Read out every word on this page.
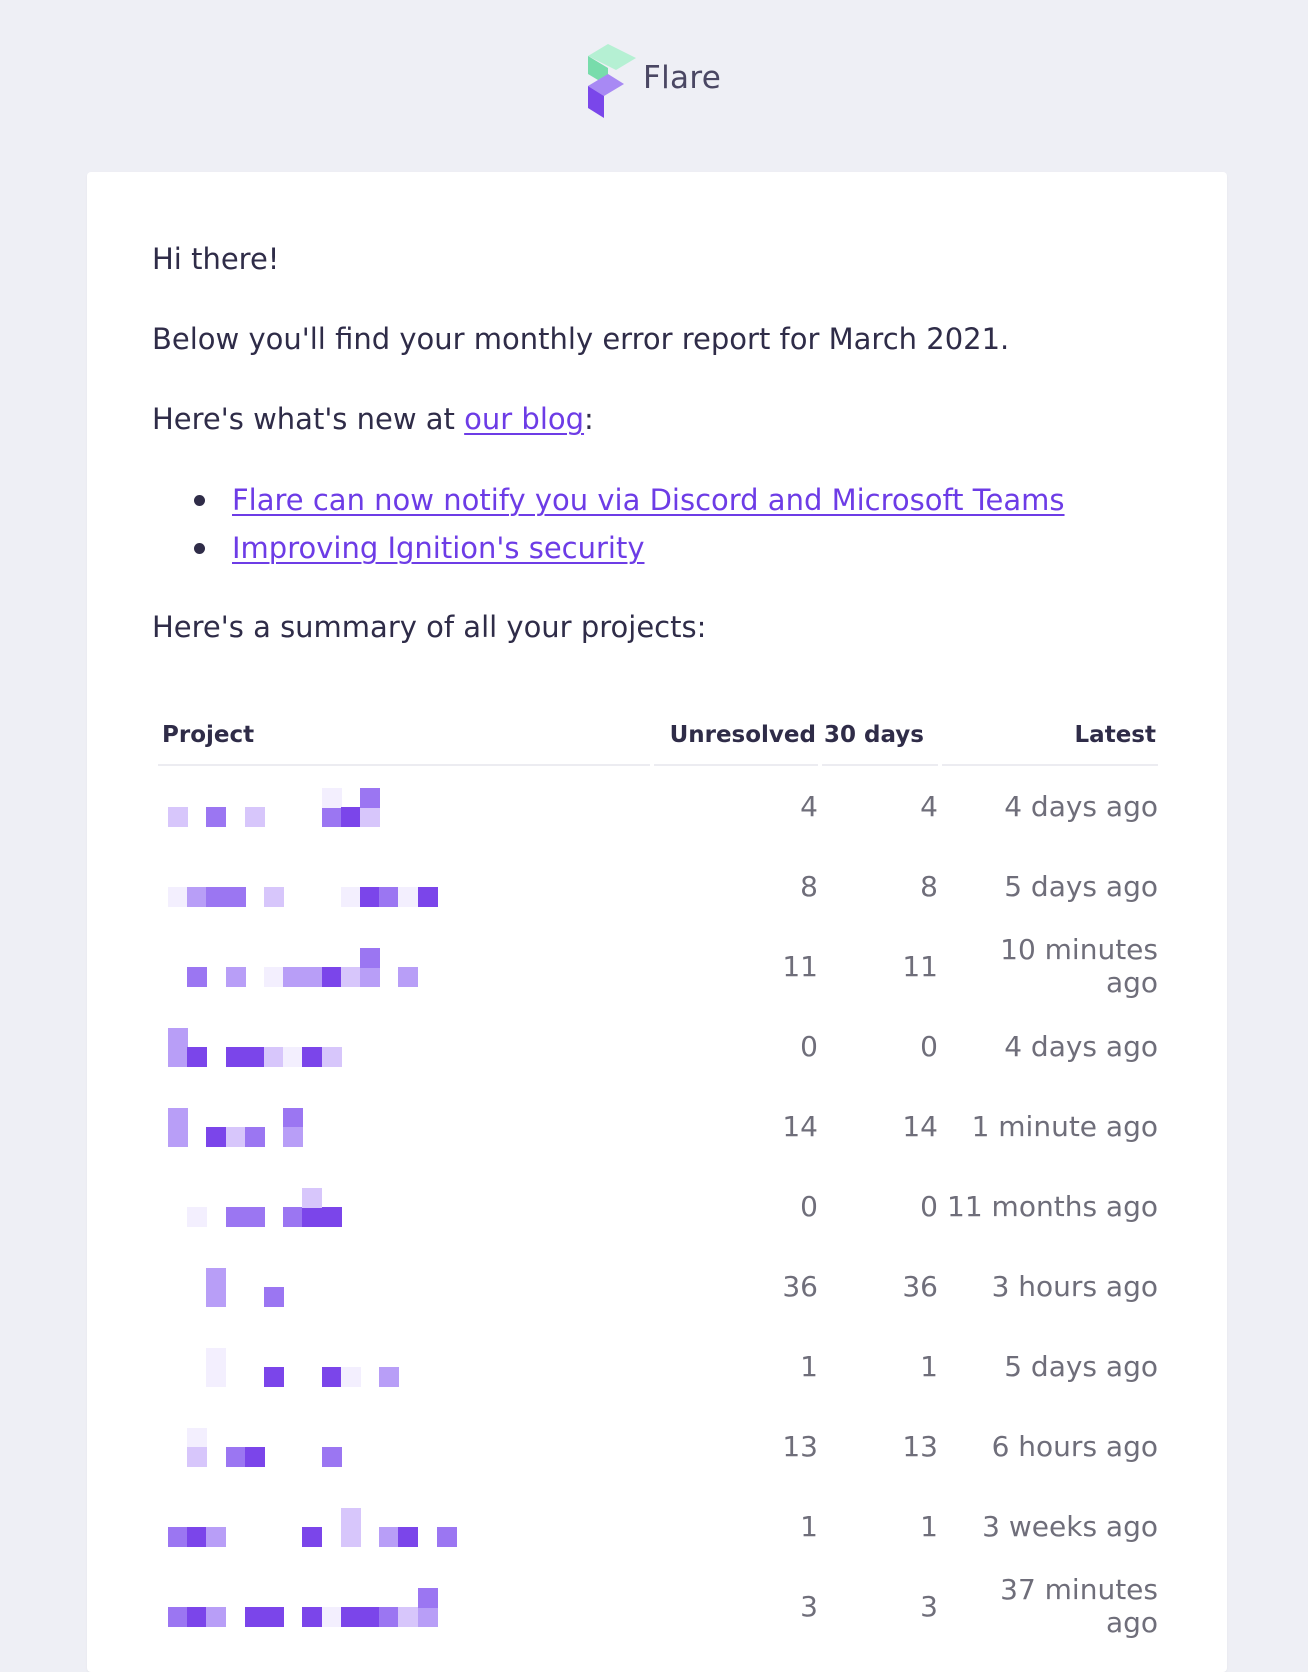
Flare

Hi there!

Below you'll find your monthly error report for March 2021.

Here's what's new at our blog:

Flare can now notify you via Discord and Microsoft Teams
Improving Ignition's security

Here's a summary of all your projects:

Project	Unresolved	30 days	Latest

	4	4	4 days ago

	8	8	5 days ago

	11	11	10 minutes ago

	0	0	4 days ago

	14	14	1 minute ago

	0	0	11 months ago

	36	36	3 hours ago

	1	1	5 days ago

	13	13	6 hours ago

	1	1	3 weeks ago

	3	3	37 minutes ago
